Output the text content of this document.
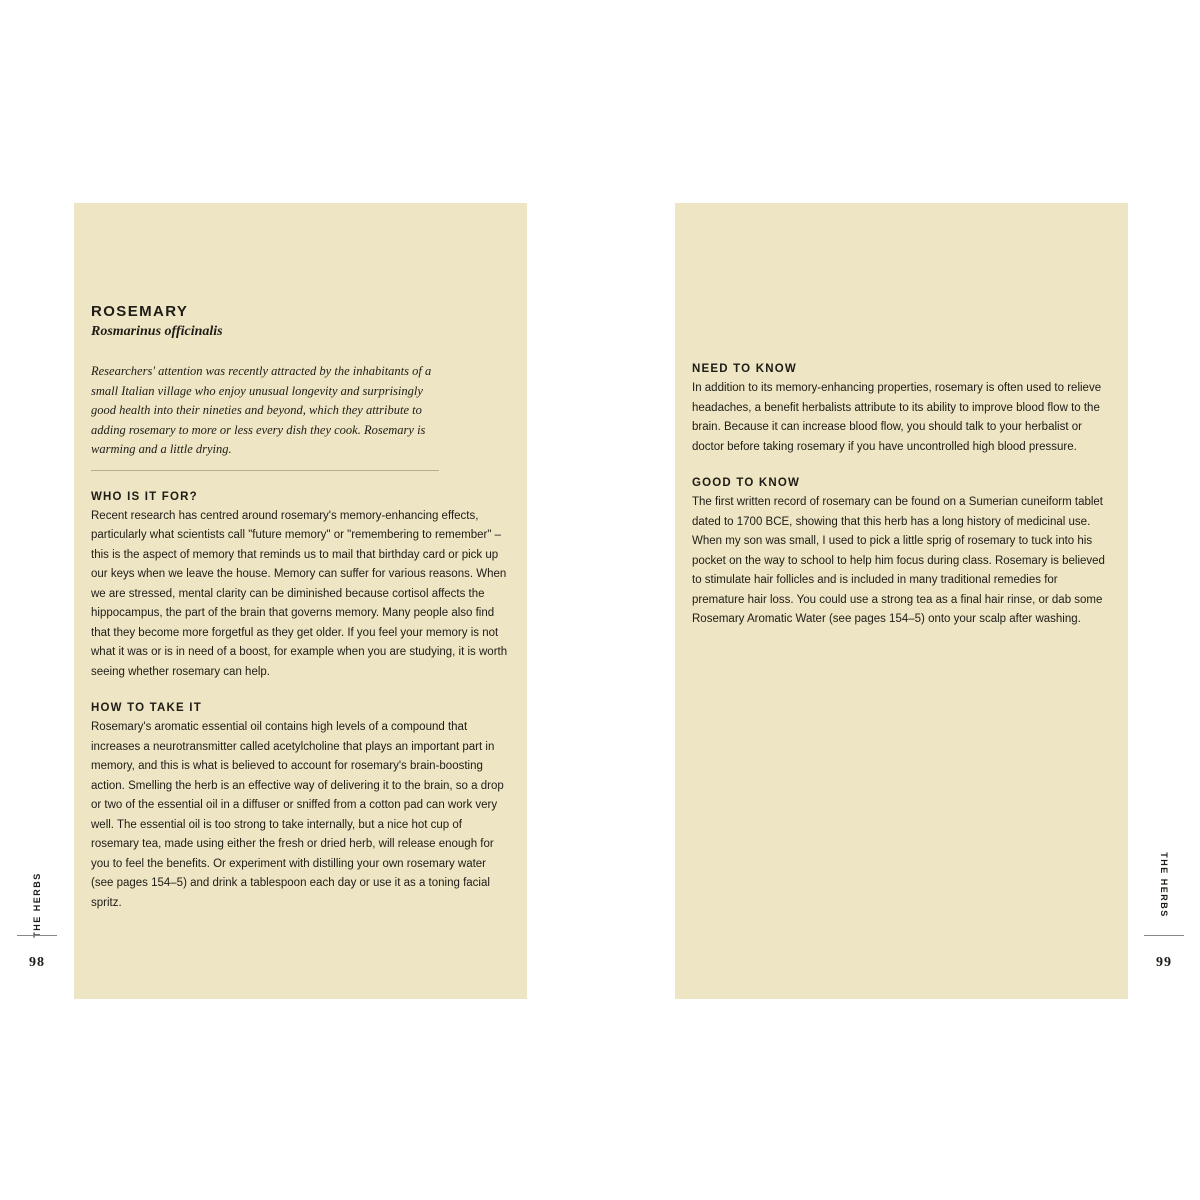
ROSEMARY

Rosmarinus officinalis

Researchers' attention was recently attracted by the inhabitants of a small Italian village who enjoy unusual longevity and surprisingly good health into their nineties and beyond, which they attribute to adding rosemary to more or less every dish they cook. Rosemary is warming and a little drying.

WHO IS IT FOR?

Recent research has centred around rosemary's memory-enhancing effects, particularly what scientists call "future memory" or "remembering to remember" – this is the aspect of memory that reminds us to mail that birthday card or pick up our keys when we leave the house. Memory can suffer for various reasons. When we are stressed, mental clarity can be diminished because cortisol affects the hippocampus, the part of the brain that governs memory. Many people also find that they become more forgetful as they get older. If you feel your memory is not what it was or is in need of a boost, for example when you are studying, it is worth seeing whether rosemary can help.

HOW TO TAKE IT

Rosemary's aromatic essential oil contains high levels of a compound that increases a neurotransmitter called acetylcholine that plays an important part in memory, and this is what is believed to account for rosemary's brain-boosting action. Smelling the herb is an effective way of delivering it to the brain, so a drop or two of the essential oil in a diffuser or sniffed from a cotton pad can work very well. The essential oil is too strong to take internally, but a nice hot cup of rosemary tea, made using either the fresh or dried herb, will release enough for you to feel the benefits. Or experiment with distilling your own rosemary water (see pages 154–5) and drink a tablespoon each day or use it as a toning facial spritz.

THE HERBS
98
NEED TO KNOW

In addition to its memory-enhancing properties, rosemary is often used to relieve headaches, a benefit herbalists attribute to its ability to improve blood flow to the brain. Because it can increase blood flow, you should talk to your herbalist or doctor before taking rosemary if you have uncontrolled high blood pressure.

GOOD TO KNOW

The first written record of rosemary can be found on a Sumerian cuneiform tablet dated to 1700 BCE, showing that this herb has a long history of medicinal use. When my son was small, I used to pick a little sprig of rosemary to tuck into his pocket on the way to school to help him focus during class. Rosemary is believed to stimulate hair follicles and is included in many traditional remedies for premature hair loss. You could use a strong tea as a final hair rinse, or dab some Rosemary Aromatic Water (see pages 154–5) onto your scalp after washing.

THE HERBS
99
